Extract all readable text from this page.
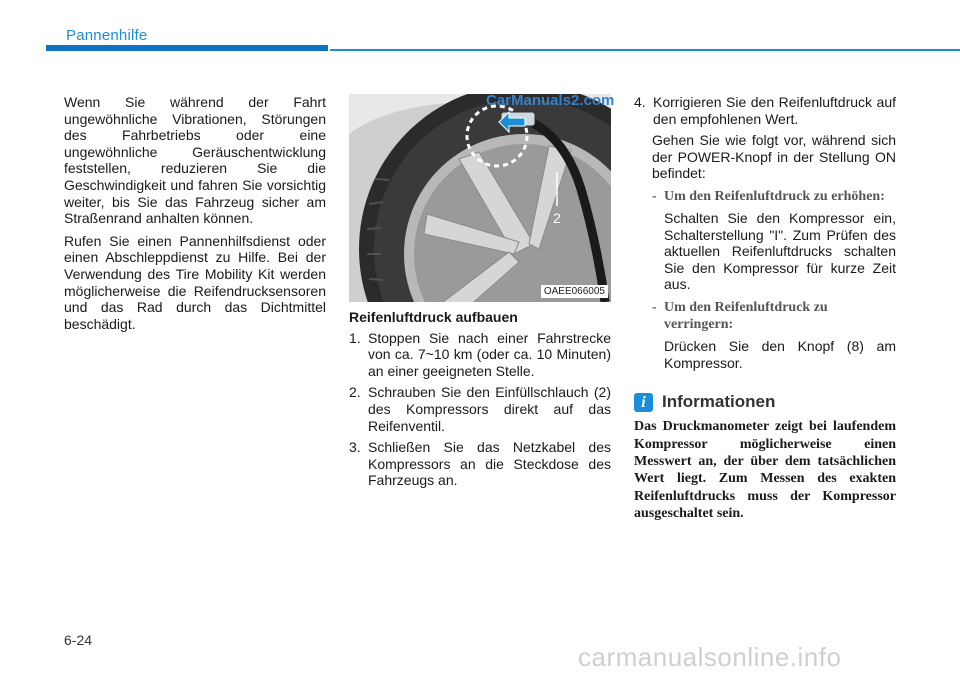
Pannenhilfe

Wenn Sie während der Fahrt ungewöhnliche Vibrationen, Störungen des Fahrbetriebs oder eine ungewöhnliche Geräuschentwicklung feststellen, reduzieren Sie die Geschwindigkeit und fahren Sie vorsichtig weiter, bis Sie das Fahrzeug sicher am Straßenrand anhalten können.

Rufen Sie einen Pannenhilfsdienst oder einen Abschleppdienst zu Hilfe. Bei der Verwendung des Tire Mobility Kit werden möglicherweise die Reifendrucksensoren und das Rad durch das Dichtmittel beschädigt.

2
OAEE066005
CarManuals2.com
Reifenluftdruck aufbauen
1. Stoppen Sie nach einer Fahrstrecke von ca. 7~10 km (oder ca. 10 Minuten) an einer geeigneten Stelle.
2. Schrauben Sie den Einfüllschlauch (2) des Kompressors direkt auf das Reifenventil.
3. Schließen Sie das Netzkabel des Kompressors an die Steckdose des Fahrzeugs an.
4. Korrigieren Sie den Reifenluftdruck auf den empfohlenen Wert.

Gehen Sie wie folgt vor, während sich der POWER-Knopf in der Stellung ON befindet:

- Um den Reifenluftdruck zu erhöhen:

Schalten Sie den Kompressor ein, Schalterstellung "I". Zum Prüfen des aktuellen Reifenluftdrucks schalten Sie den Kompressor für kurze Zeit aus.

- Um den Reifenluftdruck zu verringern:

Drücken Sie den Knopf (8) am Kompressor.

i Informationen

Das Druckmanometer zeigt bei laufendem Kompressor möglicherweise einen Messwert an, der über dem tatsächlichen Wert liegt. Zum Messen des exakten Reifenluftdrucks muss der Kompressor ausgeschaltet sein.

6-24
carmanualsonline.info
